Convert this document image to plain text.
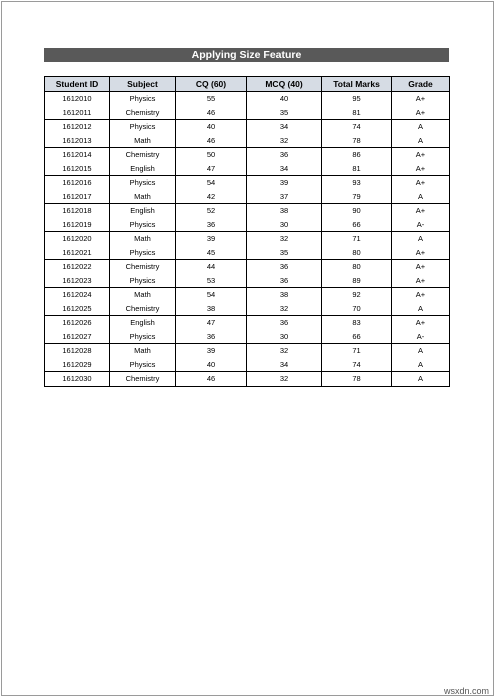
Applying Size Feature
Student ID	Subject	CQ (60)	MCQ (40)	Total Marks	Grade
1612010	Physics	55	40	95	A+
1612011	Chemistry	46	35	81	A+
1612012	Physics	40	34	74	A
1612013	Math	46	32	78	A
1612014	Chemistry	50	36	86	A+
1612015	English	47	34	81	A+
1612016	Physics	54	39	93	A+
1612017	Math	42	37	79	A
1612018	English	52	38	90	A+
1612019	Physics	36	30	66	A-
1612020	Math	39	32	71	A
1612021	Physics	45	35	80	A+
1612022	Chemistry	44	36	80	A+
1612023	Physics	53	36	89	A+
1612024	Math	54	38	92	A+
1612025	Chemistry	38	32	70	A
1612026	English	47	36	83	A+
1612027	Physics	36	30	66	A-
1612028	Math	39	32	71	A
1612029	Physics	40	34	74	A
1612030	Chemistry	46	32	78	A
wsxdn.com
